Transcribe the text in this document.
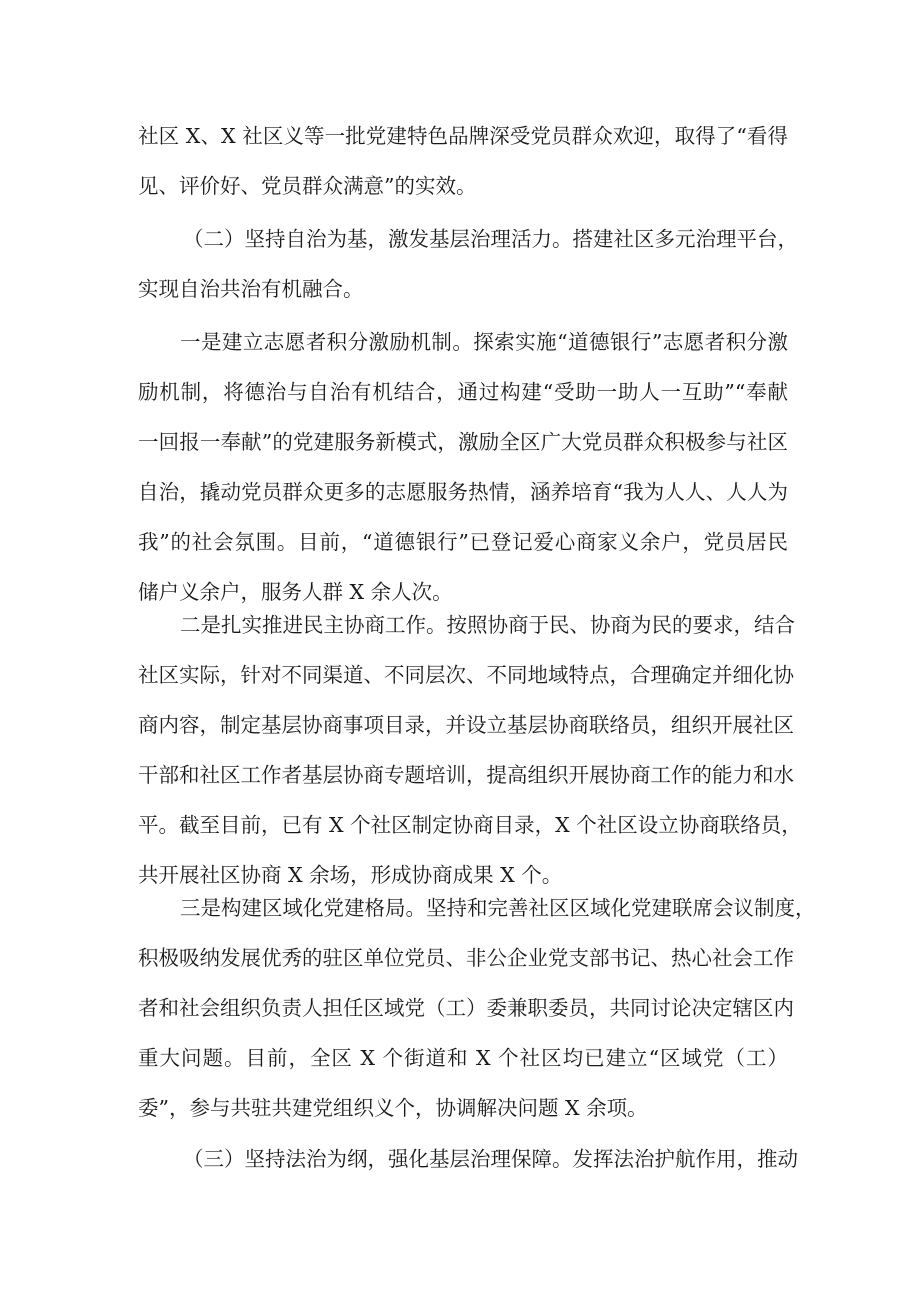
社区 X、X 社区义等一批党建特色品牌深受党员群众欢迎，取得了“看得

见、评价好、党员群众满意”的实效。

（二）坚持自治为基，激发基层治理活力。搭建社区多元治理平台，

实现自治共治有机融合。

一是建立志愿者积分激励机制。探索实施“道德银行”志愿者积分激

励机制，将德治与自治有机结合，通过构建“受助一助人一互助”“奉献

一回报一奉献”的党建服务新模式，激励全区广大党员群众积极参与社区

自治，撬动党员群众更多的志愿服务热情，涵养培育“我为人人、人人为

我”的社会氛围。目前，“道德银行”已登记爱心商家义余户，党员居民

储户义余户，服务人群 X 余人次。

二是扎实推进民主协商工作。按照协商于民、协商为民的要求，结合

社区实际，针对不同渠道、不同层次、不同地域特点，合理确定并细化协

商内容，制定基层协商事项目录，并设立基层协商联络员，组织开展社区

干部和社区工作者基层协商专题培训，提高组织开展协商工作的能力和水

平。截至目前，已有 X 个社区制定协商目录，X 个社区设立协商联络员，

共开展社区协商 X 余场，形成协商成果 X 个。

三是构建区域化党建格局。坚持和完善社区区域化党建联席会议制度，

积极吸纳发展优秀的驻区单位党员、非公企业党支部书记、热心社会工作

者和社会组织负责人担任区域党（工）委兼职委员，共同讨论决定辖区内

重大问题。目前，全区 X 个街道和 X 个社区均已建立“区域党（工）

委”，参与共驻共建党组织义个，协调解决问题 X 余项。

（三）坚持法治为纲，强化基层治理保障。发挥法治护航作用，推动
